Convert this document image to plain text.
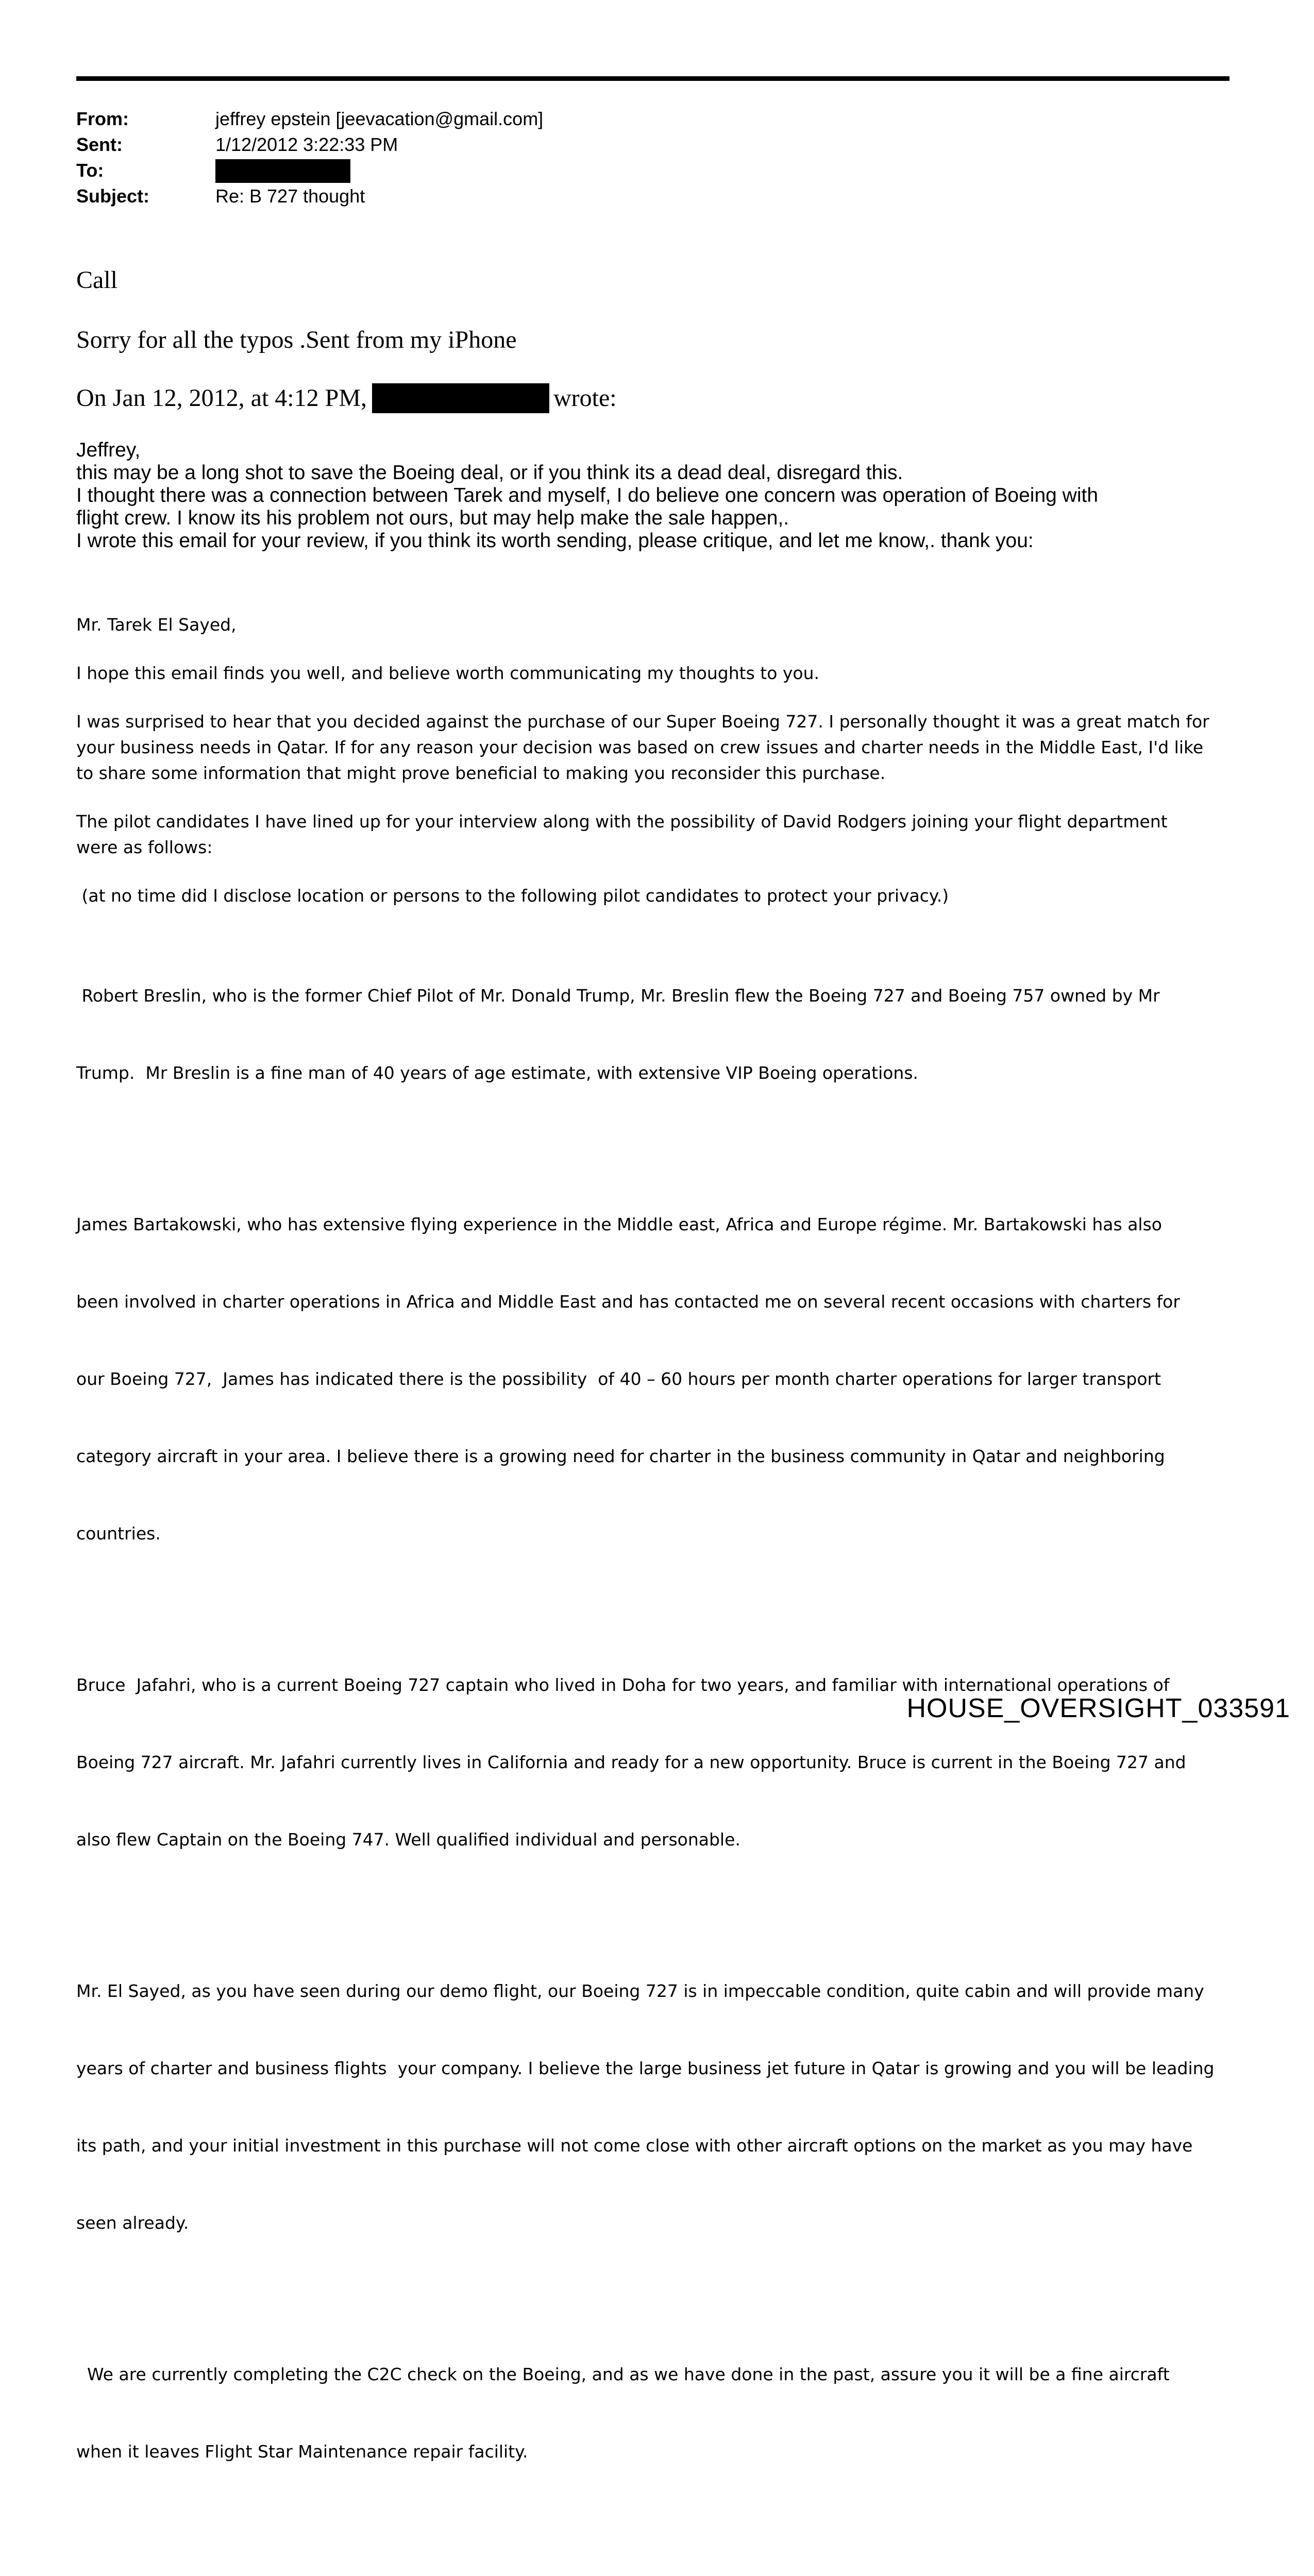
From:	jeffrey epstein [jeevacation@gmail.com]
Sent:	1/12/2012 3:22:33 PM
To:
Subject:	Re: B 727 thought
Call
Sorry for all the typos .Sent from my iPhone
On Jan 12, 2012, at 4:12 PM,	wrote:
Jeffrey,
this may be a long shot to save the Boeing deal, or if you think its a dead deal, disregard this.
I thought there was a connection between Tarek and myself, I do believe one concern was operation of Boeing with
flight crew. I know its his problem not ours, but may help make the sale happen,.
I wrote this email for your review, if you think its worth sending, please critique, and let me know,. thank you:

Mr. Tarek El Sayed,

I hope this email finds you well, and believe worth communicating my thoughts to you.

I was surprised to hear that you decided against the purchase of our Super Boeing 727. I personally thought it was a great match for
your business needs in Qatar. If for any reason your decision was based on crew issues and charter needs in the Middle East, I'd like
to share some information that might prove beneficial to making you reconsider this purchase.

The pilot candidates I have lined up for your interview along with the possibility of David Rodgers joining your flight department
were as follows:

(at no time did I disclose location or persons to the following pilot candidates to protect your privacy.)

Robert Breslin, who is the former Chief Pilot of Mr. Donald Trump, Mr. Breslin flew the Boeing 727 and Boeing 757 owned by Mr

Trump.  Mr Breslin is a fine man of 40 years of age estimate, with extensive VIP Boeing operations.

James Bartakowski, who has extensive flying experience in the Middle east, Africa and Europe régime. Mr. Bartakowski has also

been involved in charter operations in Africa and Middle East and has contacted me on several recent occasions with charters for

our Boeing 727,  James has indicated there is the possibility  of 40 – 60 hours per month charter operations for larger transport

category aircraft in your area. I believe there is a growing need for charter in the business community in Qatar and neighboring

countries.

Bruce  Jafahri, who is a current Boeing 727 captain who lived in Doha for two years, and familiar with international operations of

Boeing 727 aircraft. Mr. Jafahri currently lives in California and ready for a new opportunity. Bruce is current in the Boeing 727 and

also flew Captain on the Boeing 747. Well qualified individual and personable.

Mr. El Sayed, as you have seen during our demo flight, our Boeing 727 is in impeccable condition, quite cabin and will provide many

years of charter and business flights  your company. I believe the large business jet future in Qatar is growing and you will be leading

its path, and your initial investment in this purchase will not come close with other aircraft options on the market as you may have

seen already.

We are currently completing the C2C check on the Boeing, and as we have done in the past, assure you it will be a fine aircraft

when it leaves Flight Star Maintenance repair facility.

HOUSE_OVERSIGHT_033591
